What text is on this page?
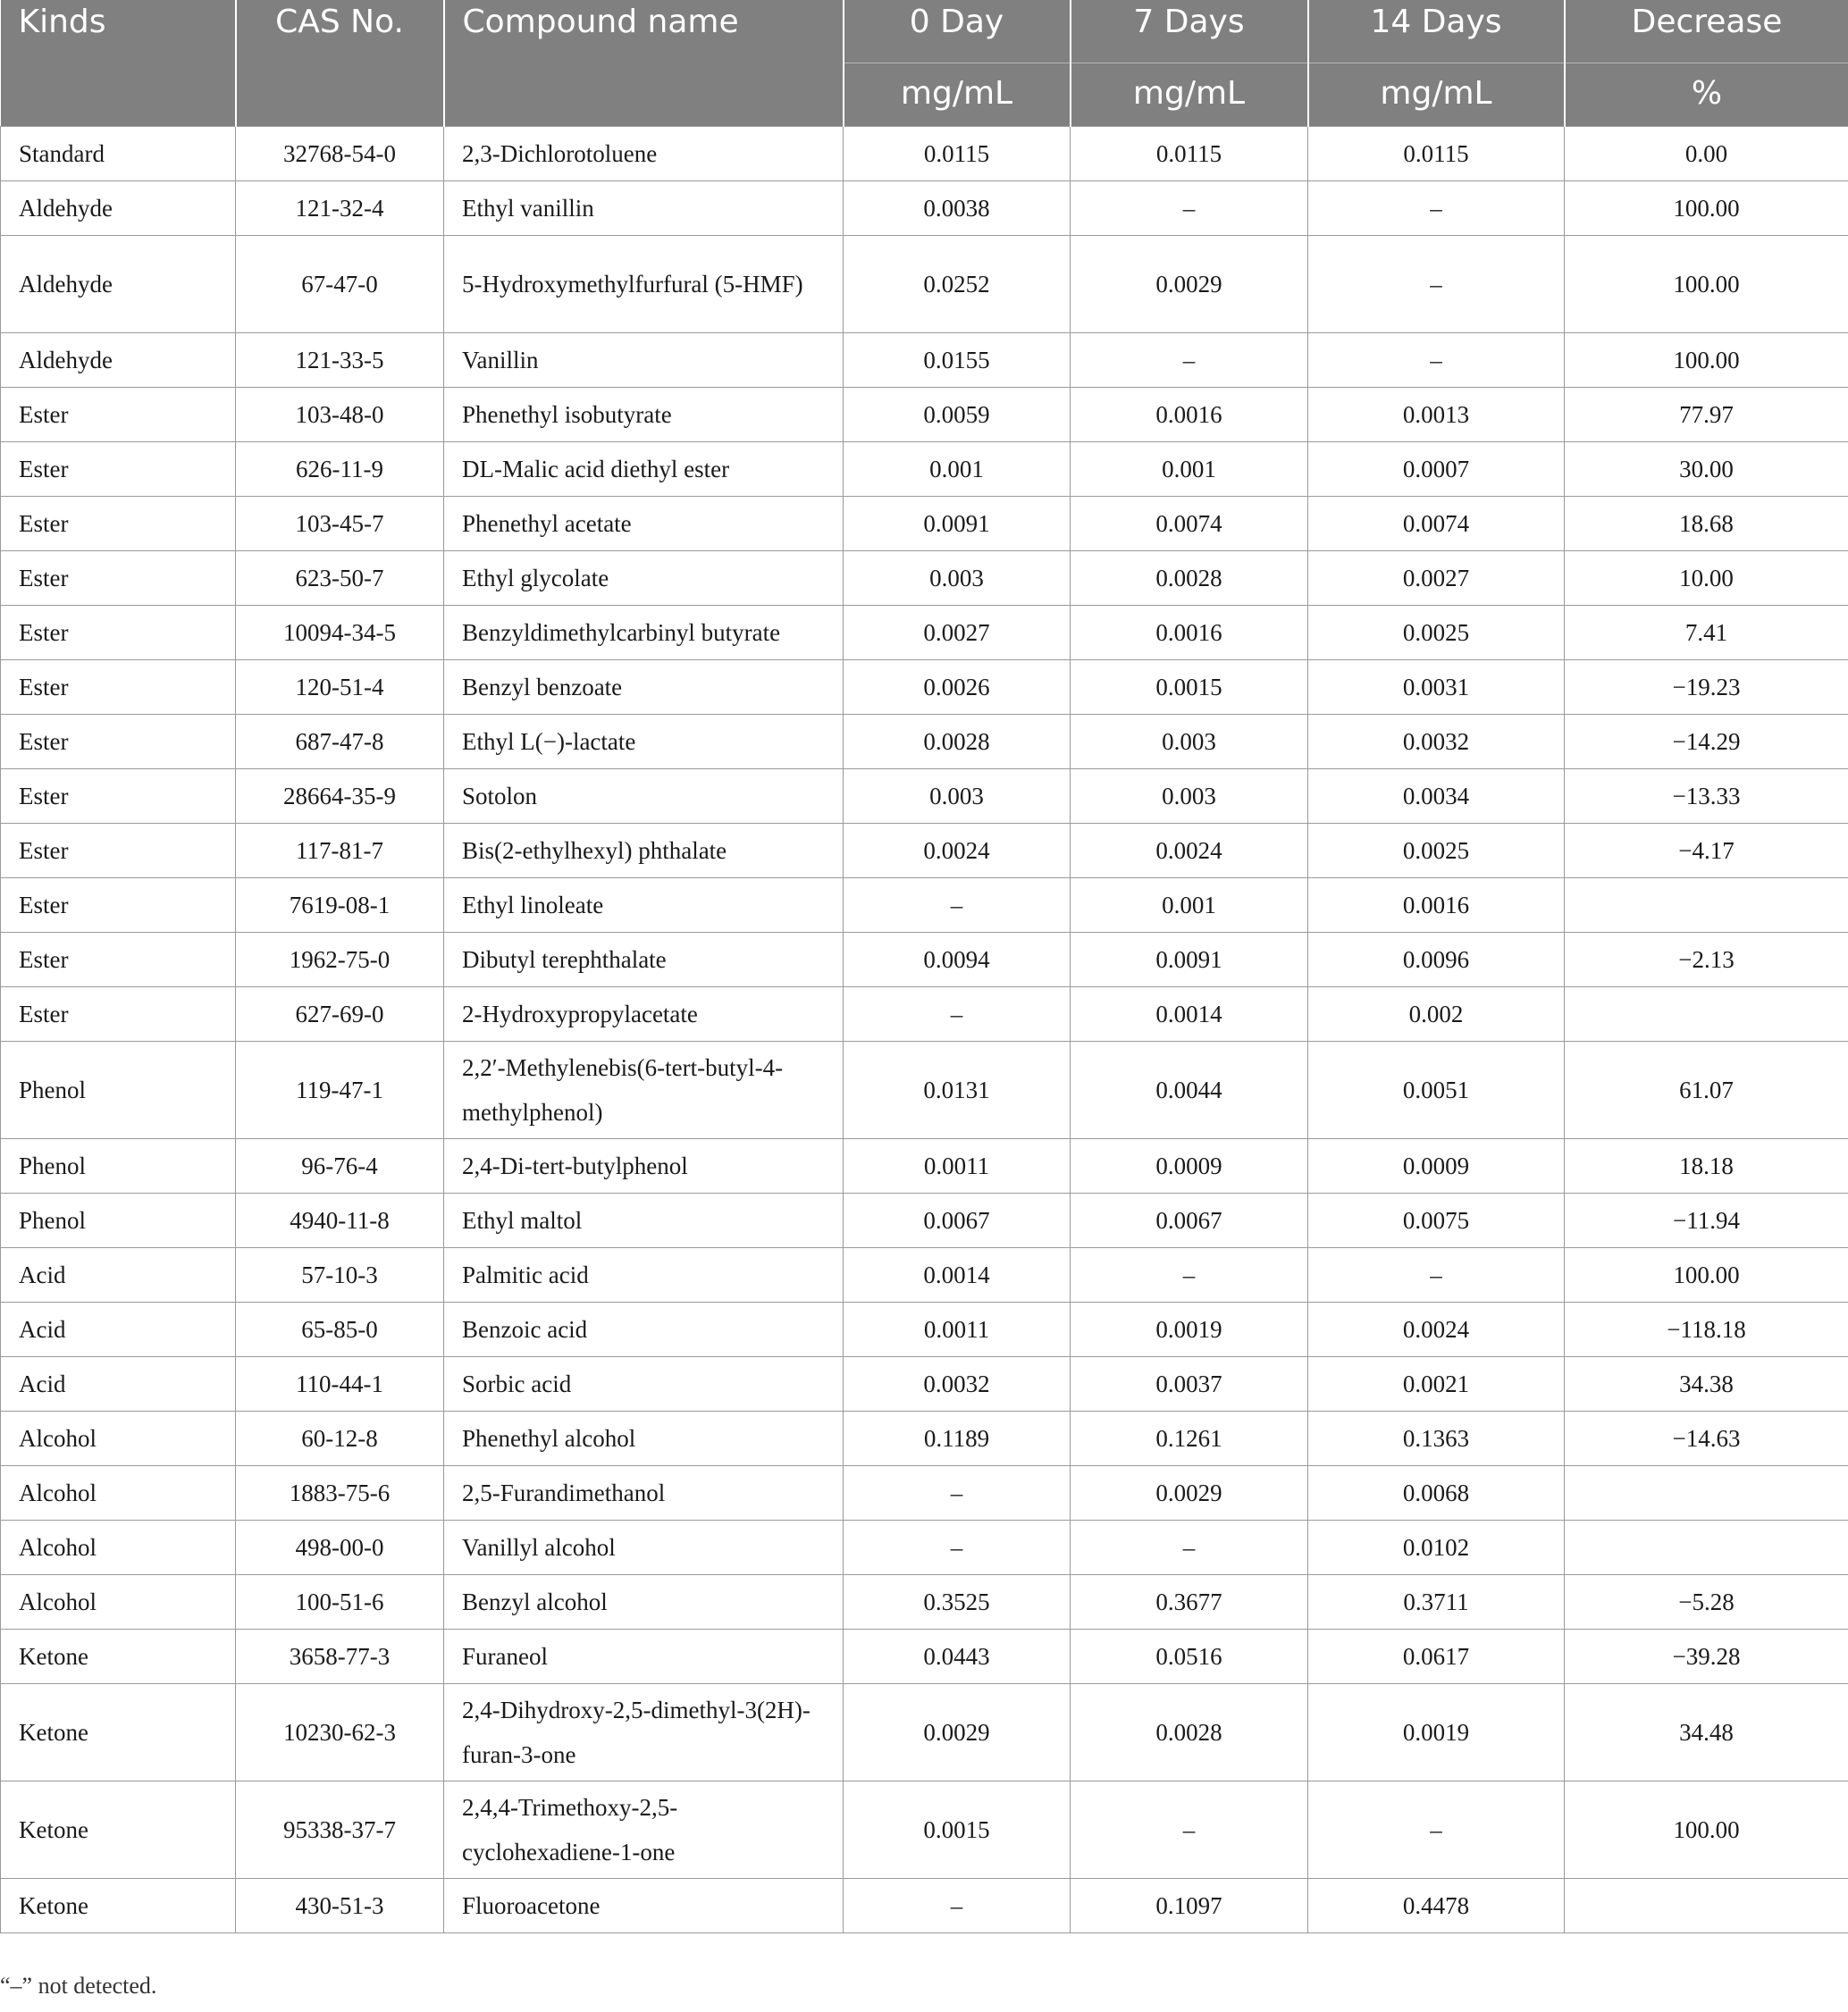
Kinds	CAS No.	Compound name	0 Day	7 Days	14 Days	Decrease
			mg/mL	mg/mL	mg/mL	%
Standard	32768-54-0	2,3-Dichlorotoluene	0.0115	0.0115	0.0115	0.00
Aldehyde	121-32-4	Ethyl vanillin	0.0038	–	–	100.00
Aldehyde	67-47-0	5-Hydroxymethylfurfural (5-HMF)	0.0252	0.0029	–	100.00
Aldehyde	121-33-5	Vanillin	0.0155	–	–	100.00
Ester	103-48-0	Phenethyl isobutyrate	0.0059	0.0016	0.0013	77.97
Ester	626-11-9	DL-Malic acid diethyl ester	0.001	0.001	0.0007	30.00
Ester	103-45-7	Phenethyl acetate	0.0091	0.0074	0.0074	18.68
Ester	623-50-7	Ethyl glycolate	0.003	0.0028	0.0027	10.00
Ester	10094-34-5	Benzyldimethylcarbinyl butyrate	0.0027	0.0016	0.0025	7.41
Ester	120-51-4	Benzyl benzoate	0.0026	0.0015	0.0031	−19.23
Ester	687-47-8	Ethyl L(−)-lactate	0.0028	0.003	0.0032	−14.29
Ester	28664-35-9	Sotolon	0.003	0.003	0.0034	−13.33
Ester	117-81-7	Bis(2-ethylhexyl) phthalate	0.0024	0.0024	0.0025	−4.17
Ester	7619-08-1	Ethyl linoleate	–	0.001	0.0016	
Ester	1962-75-0	Dibutyl terephthalate	0.0094	0.0091	0.0096	−2.13
Ester	627-69-0	2-Hydroxypropylacetate	–	0.0014	0.002	
Phenol	119-47-1	2,2′-Methylenebis(6-tert-butyl-4-methylphenol)	0.0131	0.0044	0.0051	61.07
Phenol	96-76-4	2,4-Di-tert-butylphenol	0.0011	0.0009	0.0009	18.18
Phenol	4940-11-8	Ethyl maltol	0.0067	0.0067	0.0075	−11.94
Acid	57-10-3	Palmitic acid	0.0014	–	–	100.00
Acid	65-85-0	Benzoic acid	0.0011	0.0019	0.0024	−118.18
Acid	110-44-1	Sorbic acid	0.0032	0.0037	0.0021	34.38
Alcohol	60-12-8	Phenethyl alcohol	0.1189	0.1261	0.1363	−14.63
Alcohol	1883-75-6	2,5-Furandimethanol	–	0.0029	0.0068	
Alcohol	498-00-0	Vanillyl alcohol	–	–	0.0102	
Alcohol	100-51-6	Benzyl alcohol	0.3525	0.3677	0.3711	−5.28
Ketone	3658-77-3	Furaneol	0.0443	0.0516	0.0617	−39.28
Ketone	10230-62-3	2,4-Dihydroxy-2,5-dimethyl-3(2H)-furan-3-one	0.0029	0.0028	0.0019	34.48
Ketone	95338-37-7	2,4,4-Trimethoxy-2,5-cyclohexadiene-1-one	0.0015	–	–	100.00
Ketone	430-51-3	Fluoroacetone	–	0.1097	0.4478	
“–” not detected.
